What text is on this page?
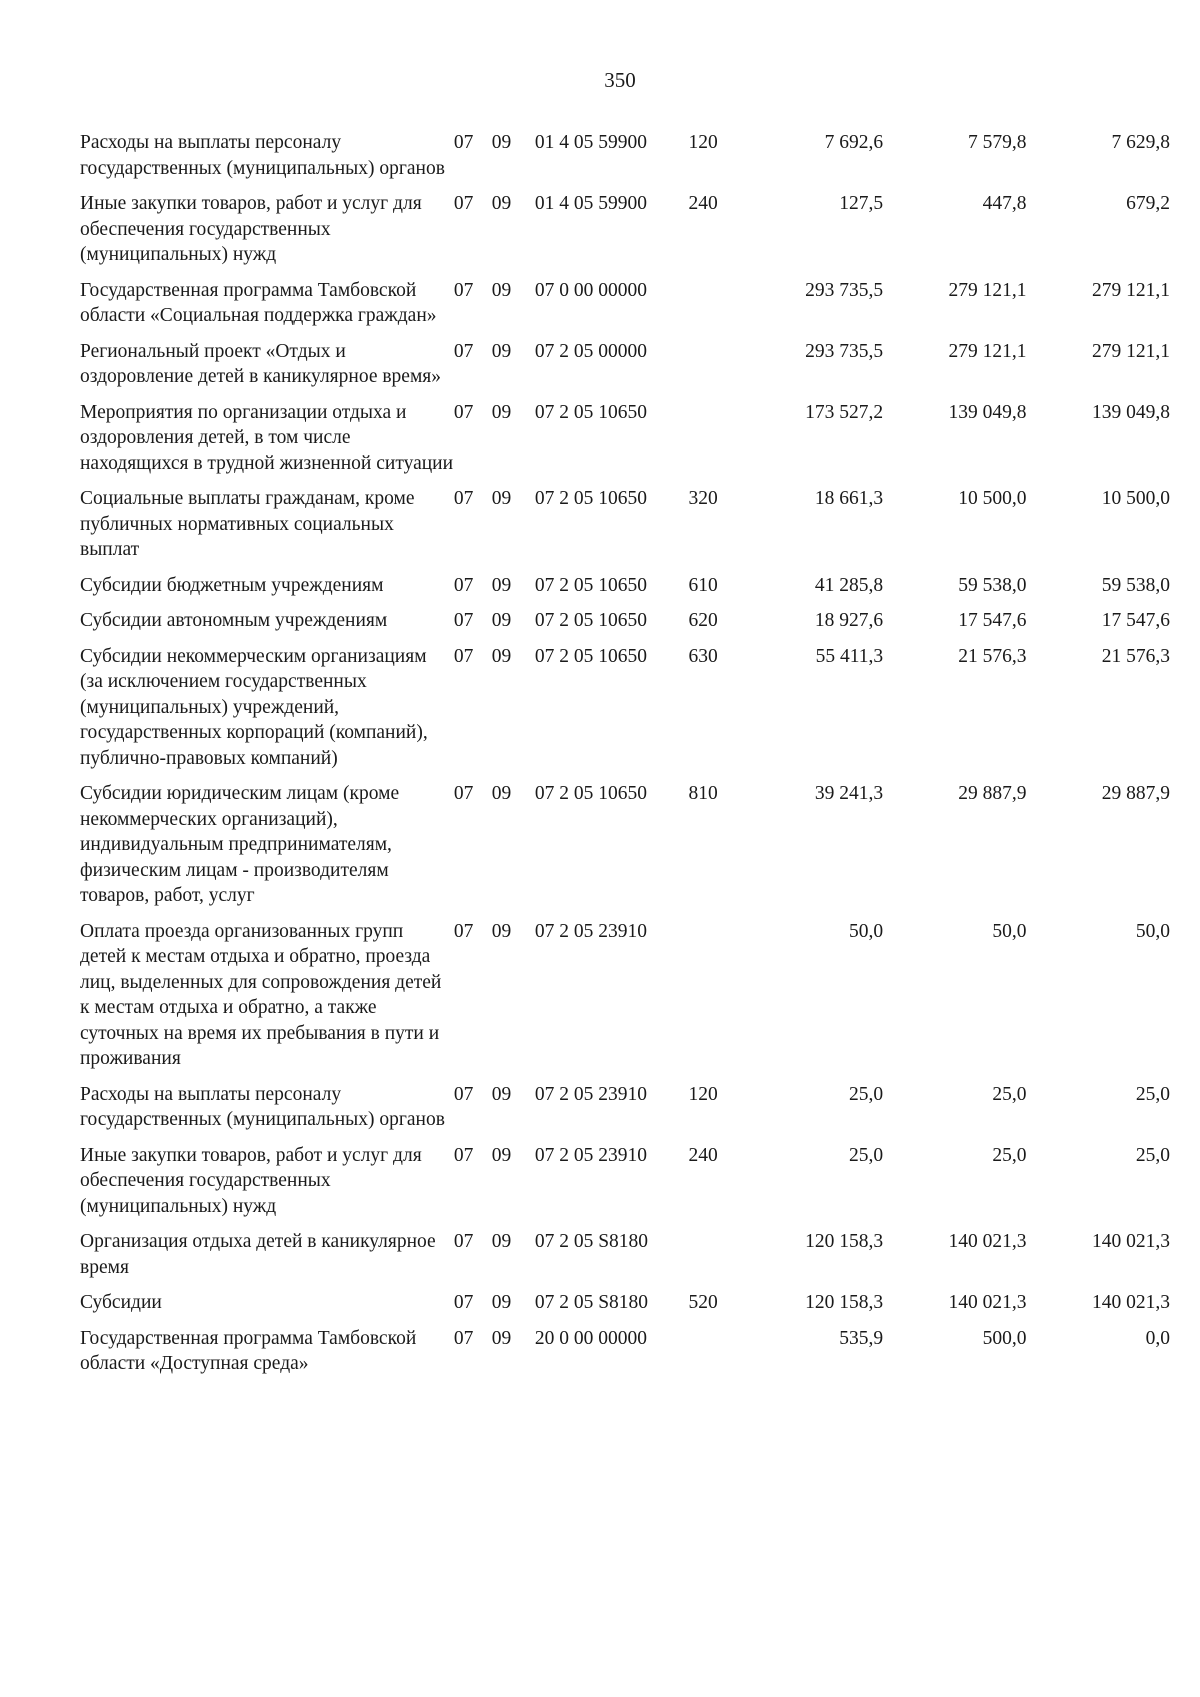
350
Расходы на выплаты персоналу государственных (муниципальных) органов	07	09	01 4 05 59900	120	7 692,6	7 579,8	7 629,8
Иные закупки товаров, работ и услуг для обеспечения государственных (муниципальных) нужд	07	09	01 4 05 59900	240	127,5	447,8	679,2
Государственная программа Тамбовской области «Социальная поддержка граждан»	07	09	07 0 00 00000		293 735,5	279 121,1	279 121,1
Региональный проект «Отдых и оздоровление детей в каникулярное время»	07	09	07 2 05 00000		293 735,5	279 121,1	279 121,1
Мероприятия по организации отдыха и оздоровления детей, в том числе находящихся в трудной жизненной ситуации	07	09	07 2 05 10650		173 527,2	139 049,8	139 049,8
Социальные выплаты гражданам, кроме публичных нормативных социальных выплат	07	09	07 2 05 10650	320	18 661,3	10 500,0	10 500,0
Субсидии бюджетным учреждениям	07	09	07 2 05 10650	610	41 285,8	59 538,0	59 538,0
Субсидии автономным учреждениям	07	09	07 2 05 10650	620	18 927,6	17 547,6	17 547,6
Субсидии некоммерческим организациям (за исключением государственных (муниципальных) учреждений, государственных корпораций (компаний), публично-правовых компаний)	07	09	07 2 05 10650	630	55 411,3	21 576,3	21 576,3
Субсидии юридическим лицам (кроме некоммерческих организаций), индивидуальным предпринимателям, физическим лицам - производителям товаров, работ, услуг	07	09	07 2 05 10650	810	39 241,3	29 887,9	29 887,9
Оплата проезда организованных групп детей к местам отдыха и обратно, проезда лиц, выделенных для сопровождения детей к местам отдыха и обратно, а также суточных на время их пребывания в пути и проживания	07	09	07 2 05 23910		50,0	50,0	50,0
Расходы на выплаты персоналу государственных (муниципальных) органов	07	09	07 2 05 23910	120	25,0	25,0	25,0
Иные закупки товаров, работ и услуг для обеспечения государственных (муниципальных) нужд	07	09	07 2 05 23910	240	25,0	25,0	25,0
Организация отдыха детей в каникулярное время	07	09	07 2 05 S8180		120 158,3	140 021,3	140 021,3
Субсидии	07	09	07 2 05 S8180	520	120 158,3	140 021,3	140 021,3
Государственная программа Тамбовской области «Доступная среда»	07	09	20 0 00 00000		535,9	500,0	0,0
